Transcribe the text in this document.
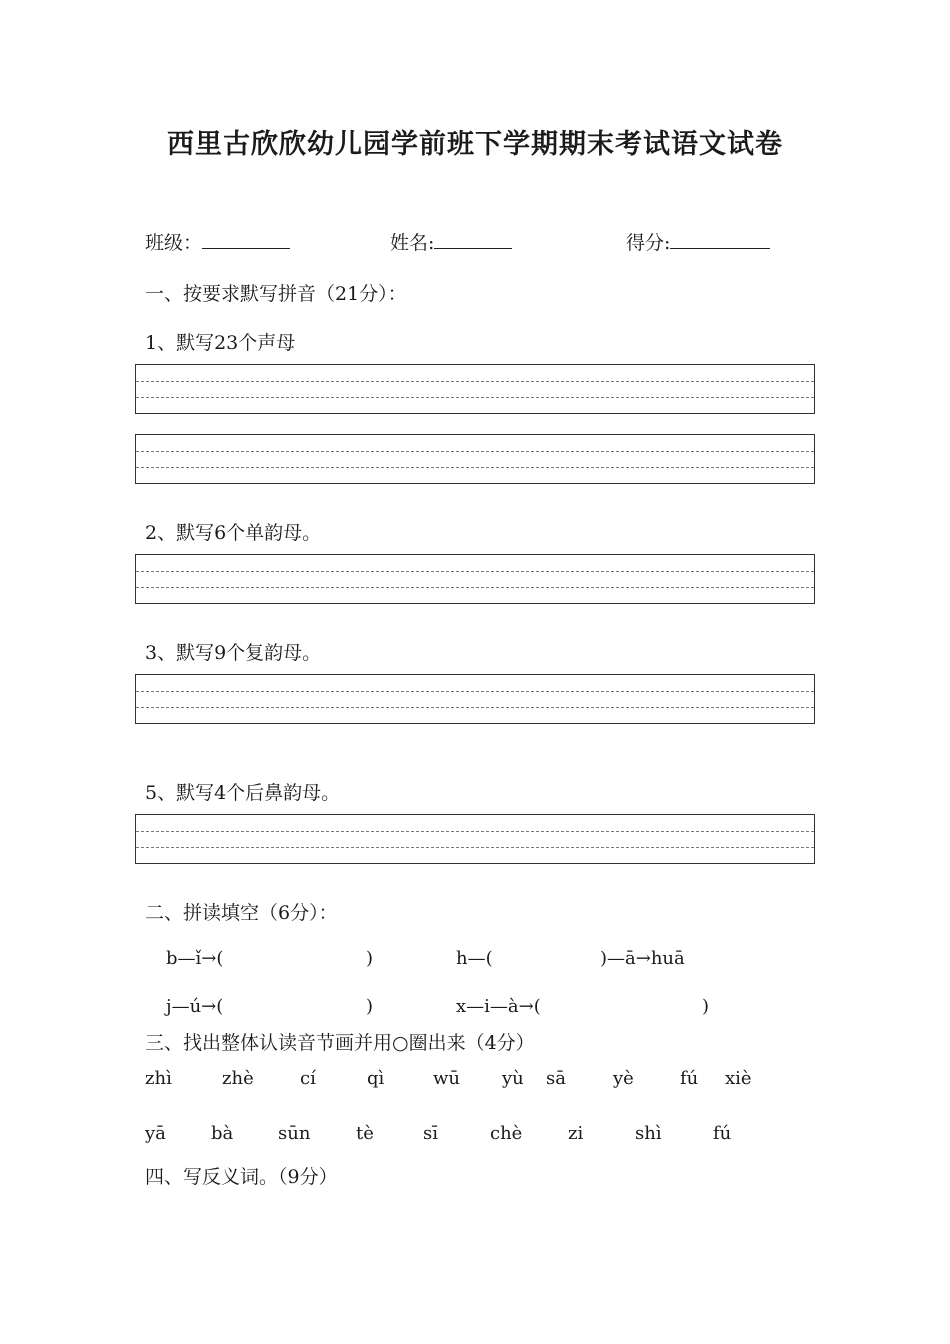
西里古欣欣幼儿园学前班下学期期末考试语文试卷
班级：	姓名:	得分:
一、按要求默写拼音（21分）：
1、默写23个声母
2、默写6个单韵母。
3、默写9个复韵母。
5、默写4个后鼻韵母。
二、拼读填空（6分）：
b—ǐ→(	)	h—(	)—ā→huā
j—ú→(	)	x—i—à→(	)
三、找出整体认读音节画并用○圈出来（4分）
zhì	zhè	cí	qì	wū yù sā	yè	fú xiè
yā	bà sūn	tè	sī	chè	zi	shì	fú
四、写反义词。（9分）
